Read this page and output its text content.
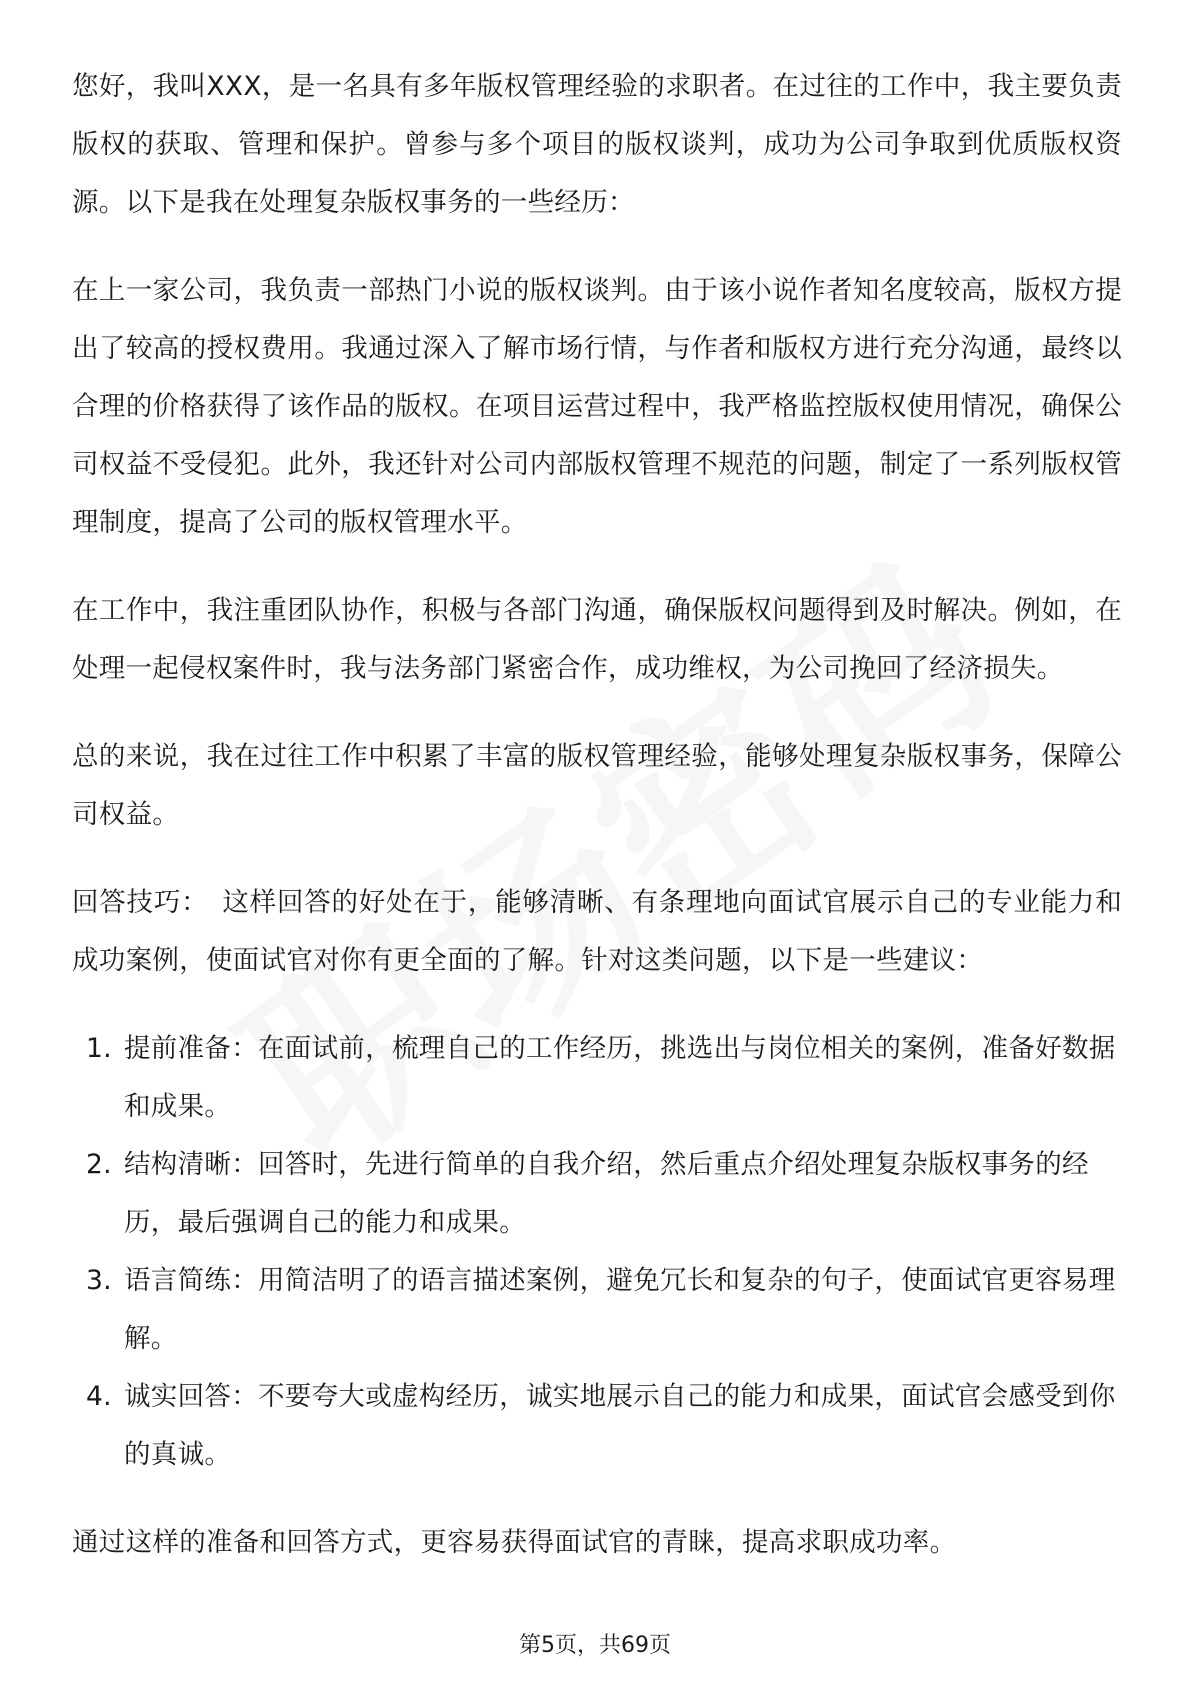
您好，我叫XXX，是一名具有多年版权管理经验的求职者。在过往的工作中，我主要负责版权的获取、管理和保护。曾参与多个项目的版权谈判，成功为公司争取到优质版权资源。以下是我在处理复杂版权事务的一些经历：

在上一家公司，我负责一部热门小说的版权谈判。由于该小说作者知名度较高，版权方提出了较高的授权费用。我通过深入了解市场行情，与作者和版权方进行充分沟通，最终以合理的价格获得了该作品的版权。在项目运营过程中，我严格监控版权使用情况，确保公司权益不受侵犯。此外，我还针对公司内部版权管理不规范的问题，制定了一系列版权管理制度，提高了公司的版权管理水平。

在工作中，我注重团队协作，积极与各部门沟通，确保版权问题得到及时解决。例如，在处理一起侵权案件时，我与法务部门紧密合作，成功维权，为公司挽回了经济损失。

总的来说，我在过往工作中积累了丰富的版权管理经验，能够处理复杂版权事务，保障公司权益。

回答技巧： 这样回答的好处在于，能够清晰、有条理地向面试官展示自己的专业能力和成功案例，使面试官对你有更全面的了解。针对这类问题，以下是一些建议：

1. 提前准备：在面试前，梳理自己的工作经历，挑选出与岗位相关的案例，准备好数据和成果。
2. 结构清晰：回答时，先进行简单的自我介绍，然后重点介绍处理复杂版权事务的经历，最后强调自己的能力和成果。
3. 语言简练：用简洁明了的语言描述案例，避免冗长和复杂的句子，使面试官更容易理解。
4. 诚实回答：不要夸大或虚构经历，诚实地展示自己的能力和成果，面试官会感受到你的真诚。

通过这样的准备和回答方式，更容易获得面试官的青睐，提高求职成功率。

第5页，共69页
